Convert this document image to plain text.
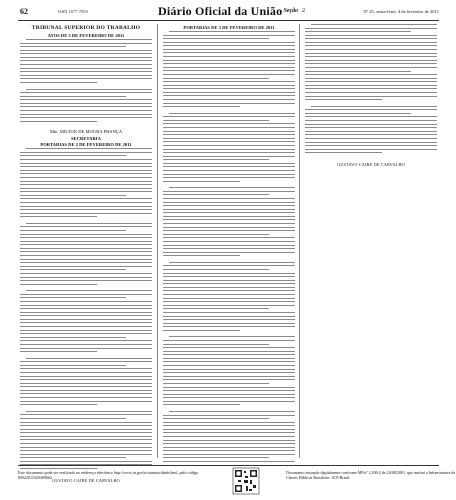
62	ISSN 1677-7050	Diário Oficial da União
- Seção 2	Nº 25, sexta-feira, 4 de fevereiro de 2011
TRIBUNAL SUPERIOR DO TRABALHO
ATOS DE 3 DE FEVEREIRO DE 2011
Min. MILTON DE MOURA FRANÇA
SECRETARIA
PORTARIAS DE 2 DE FEVEREIRO DE 2011
GUSTAVO CAIRE DE CARVALHO
PORTARIAS DE 3 DE FEVEREIRO DE 2011
GUSTAVO CAIRE DE CARVALHO
Este documento pode ser verificado no endereço eletrônico http://www.in.gov.br/autenticidade.html, pelo código 00022011020400062
Documento assinado digitalmente conforme MP nº 2.200-2 de 24/08/2001, que institui a Infraestrutura de Chaves Públicas Brasileira - ICP-Brasil.
